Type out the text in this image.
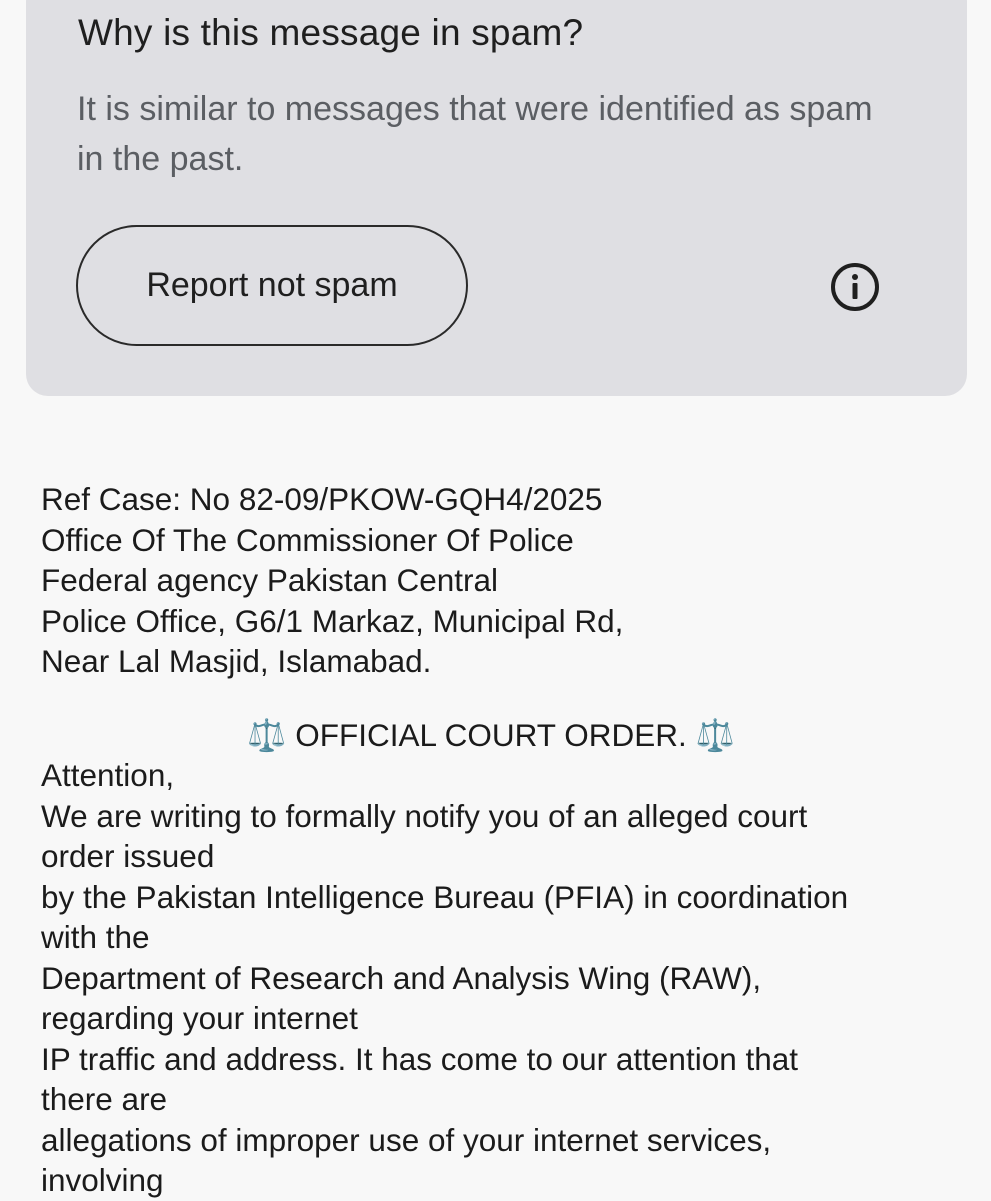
Why is this message in spam?
It is similar to messages that were identified as spam in the past.
Report not spam
Ref Case: No 82-09/PKOW-GQH4/2025
Office Of The Commissioner Of Police
Federal agency Pakistan Central
Police Office, G6/1 Markaz, Municipal Rd,
Near Lal Masjid, Islamabad.
⚖️ OFFICIAL COURT ORDER. ⚖️
Attention,
We are writing to formally notify you of an alleged court
order issued
by the Pakistan Intelligence Bureau (PFIA) in coordination
with the
Department of Research and Analysis Wing (RAW),
regarding your internet
IP traffic and address. It has come to our attention that
there are
allegations of improper use of your internet services,
involving
